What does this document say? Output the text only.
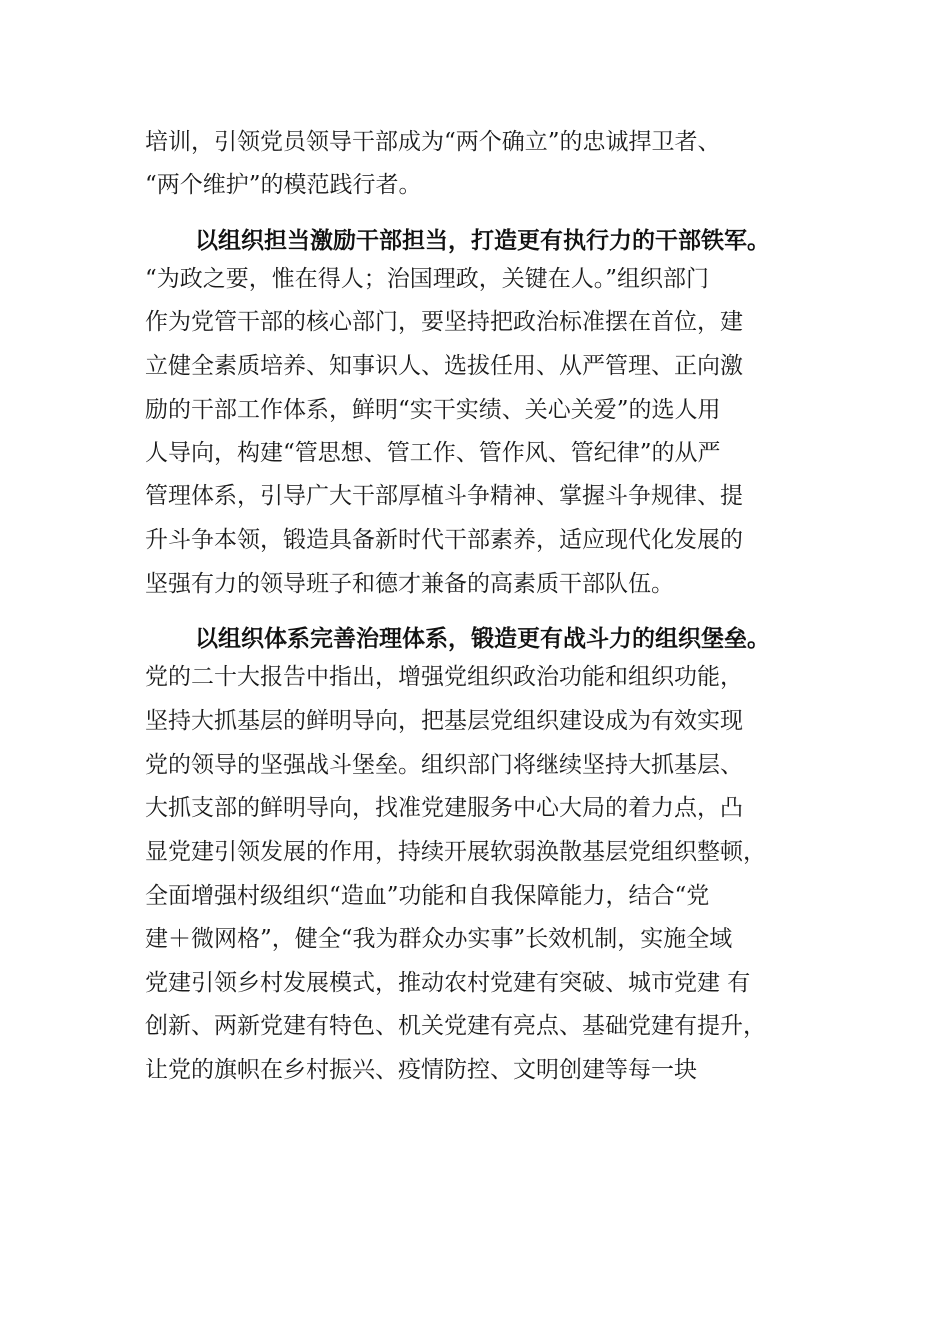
培训，引领党员领导干部成为“两个确立”的忠诚捍卫者、

“两个维护”的模范践行者。

以组织担当激励干部担当，打造更有执行力的干部铁军。

“为政之要，惟在得人；治国理政，关键在人。”组织部门

作为党管干部的核心部门，要坚持把政治标准摆在首位，建

立健全素质培养、知事识人、选拔任用、从严管理、正向激

励的干部工作体系，鲜明“实干实绩、关心关爱”的选人用

人导向，构建“管思想、管工作、管作风、管纪律”的从严

管理体系，引导广大干部厚植斗争精神、掌握斗争规律、提

升斗争本领，锻造具备新时代干部素养，适应现代化发展的

坚强有力的领导班子和德才兼备的高素质干部队伍。

以组织体系完善治理体系，锻造更有战斗力的组织堡垒。

党的二十大报告中指出，增强党组织政治功能和组织功能，

坚持大抓基层的鲜明导向，把基层党组织建设成为有效实现

党的领导的坚强战斗堡垒。组织部门将继续坚持大抓基层、

大抓支部的鲜明导向，找准党建服务中心大局的着力点，凸

显党建引领发展的作用，持续开展软弱涣散基层党组织整顿，

全面增强村级组织“造血”功能和自我保障能力，结合“党

建＋微网格”，健全“我为群众办实事”长效机制，实施全域

党建引领乡村发展模式，推动农村党建有突破、城市党建 有

创新、两新党建有特色、机关党建有亮点、基础党建有提升，

让党的旗帜在乡村振兴、疫情防控、文明创建等每一块
